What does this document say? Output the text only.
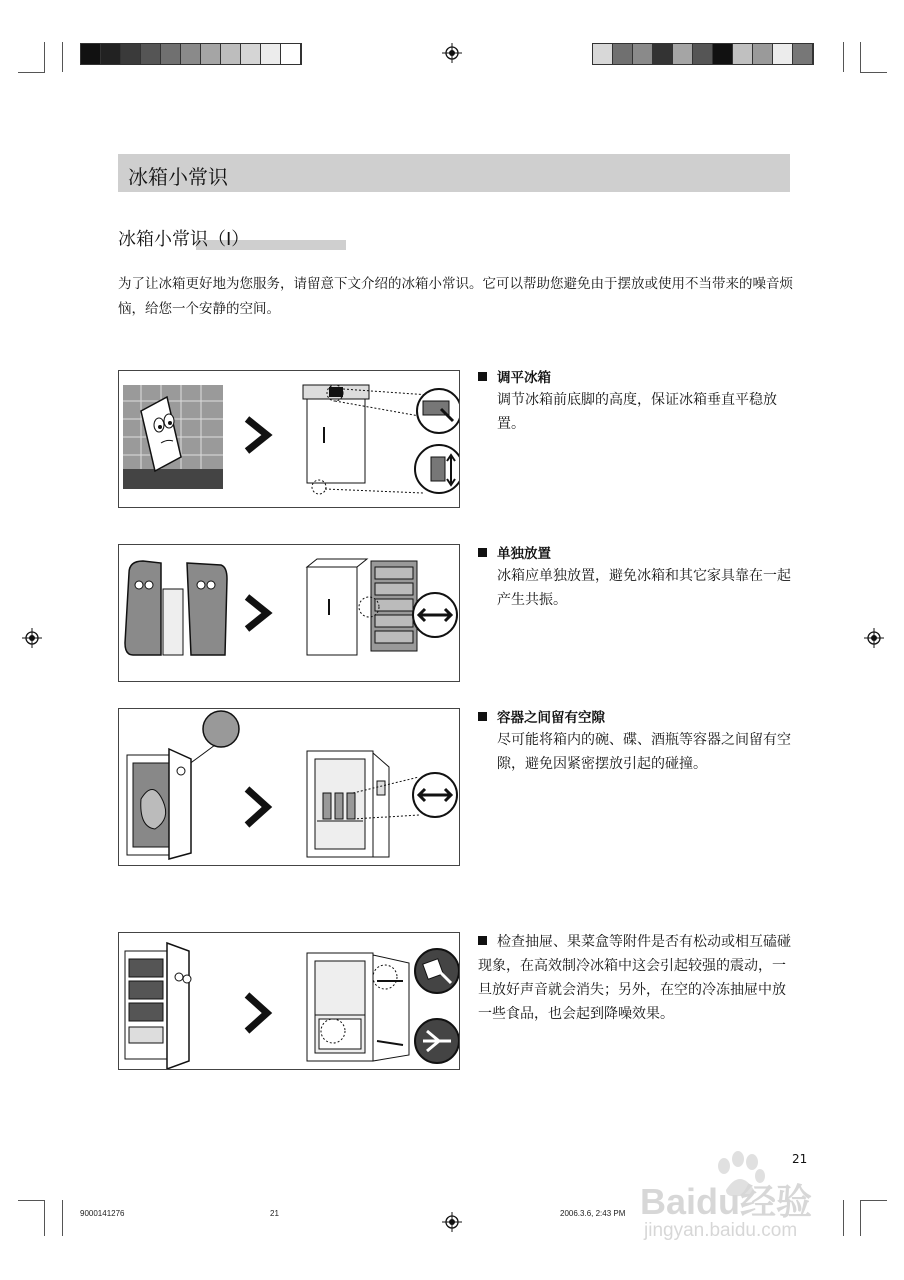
冰箱小常识
冰箱小常识（I）
为了让冰箱更好地为您服务，请留意下文介绍的冰箱小常识。它可以帮助您避免由于摆放或使用不当带来的噪音烦恼，给您一个安静的空间。
调平冰箱
调节冰箱前底脚的高度，保证冰箱垂直平稳放置。
单独放置
冰箱应单独放置，避免冰箱和其它家具靠在一起产生共振。
容器之间留有空隙
尽可能将箱内的碗、碟、酒瓶等容器之间留有空隙，避免因紧密摆放引起的碰撞。
检查抽屉、果菜盒等附件是否有松动或相互磕碰现象，在高效制冷冰箱中这会引起较强的震动，一旦放好声音就会消失；另外，在空的冷冻抽屉中放一些食品，也会起到降噪效果。
21
9000141276	21	2006.3.6, 2:43 PM Baidu经验
jingyan.baidu.com
